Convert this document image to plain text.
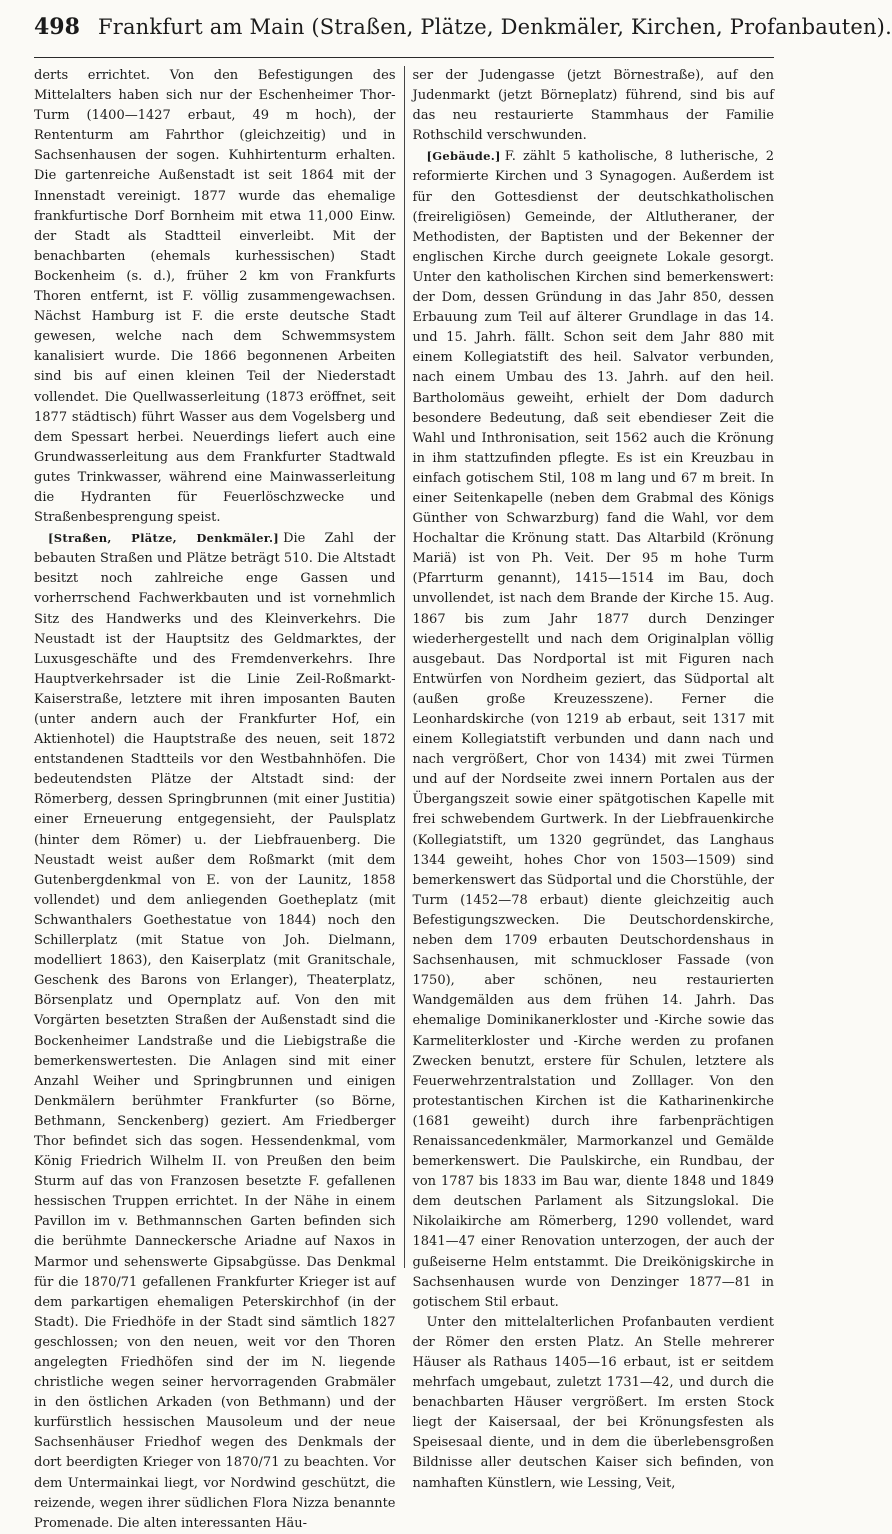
498 Frankfurt am Main (Straßen, Plätze, Denkmäler, Kirchen, Profanbauten).

derts errichtet. Von den Befestigungen des Mittelalters haben sich nur der Eschenheimer Thor-Turm (1400—1427 erbaut, 49 m hoch), der Rententurm am Fahrthor (gleichzeitig) und in Sachsenhausen der sogen. Kuhhirtenturm erhalten. Die gartenreiche Außenstadt ist seit 1864 mit der Innenstadt vereinigt. 1877 wurde das ehemalige frankfurtische Dorf Bornheim mit etwa 11,000 Einw. der Stadt als Stadtteil einverleibt. Mit der benachbarten (ehemals kurhessischen) Stadt Bockenheim (s. d.), früher 2 km von Frankfurts Thoren entfernt, ist F. völlig zusammengewachsen. Nächst Hamburg ist F. die erste deutsche Stadt gewesen, welche nach dem Schwemmsystem kanalisiert wurde. Die 1866 begonnenen Arbeiten sind bis auf einen kleinen Teil der Niederstadt vollendet. Die Quellwasserleitung (1873 eröffnet, seit 1877 städtisch) führt Wasser aus dem Vogelsberg und dem Spessart herbei. Neuerdings liefert auch eine Grundwasserleitung aus dem Frankfurter Stadtwald gutes Trinkwasser, während eine Mainwasserleitung die Hydranten für Feuerlöschzwecke und Straßenbesprengung speist.

[Straßen, Plätze, Denkmäler.] Die Zahl der bebauten Straßen und Plätze beträgt 510. Die Altstadt besitzt noch zahlreiche enge Gassen und vorherrschend Fachwerkbauten und ist vornehmlich Sitz des Handwerks und des Kleinverkehrs. Die Neustadt ist der Hauptsitz des Geldmarktes, der Luxusgeschäfte und des Fremdenverkehrs. Ihre Hauptverkehrsader ist die Linie Zeil-Roßmarkt-Kaiserstraße, letztere mit ihren imposanten Bauten (unter andern auch der Frankfurter Hof, ein Aktienhotel) die Hauptstraße des neuen, seit 1872 entstandenen Stadtteils vor den Westbahnhöfen. Die bedeutendsten Plätze der Altstadt sind: der Römerberg, dessen Springbrunnen (mit einer Justitia) einer Erneuerung entgegensieht, der Paulsplatz (hinter dem Römer) u. der Liebfrauenberg. Die Neustadt weist außer dem Roßmarkt (mit dem Gutenbergdenkmal von E. von der Launitz, 1858 vollendet) und dem anliegenden Goetheplatz (mit Schwanthalers Goethestatue von 1844) noch den Schillerplatz (mit Statue von Joh. Dielmann, modelliert 1863), den Kaiserplatz (mit Granitschale, Geschenk des Barons von Erlanger), Theaterplatz, Börsenplatz und Opernplatz auf. Von den mit Vorgärten besetzten Straßen der Außenstadt sind die Bockenheimer Landstraße und die Liebigstraße die bemerkenswertesten. Die Anlagen sind mit einer Anzahl Weiher und Springbrunnen und einigen Denkmälern berühmter Frankfurter (so Börne, Bethmann, Senckenberg) geziert. Am Friedberger Thor befindet sich das sogen. Hessendenkmal, vom König Friedrich Wilhelm II. von Preußen den beim Sturm auf das von Franzosen besetzte F. gefallenen hessischen Truppen errichtet. In der Nähe in einem Pavillon im v. Bethmannschen Garten befinden sich die berühmte Danneckersche Ariadne auf Naxos in Marmor und sehenswerte Gipsabgüsse. Das Denkmal für die 1870/71 gefallenen Frankfurter Krieger ist auf dem parkartigen ehemaligen Peterskirchhof (in der Stadt). Die Friedhöfe in der Stadt sind sämtlich 1827 geschlossen; von den neuen, weit vor den Thoren angelegten Friedhöfen sind der im N. liegende christliche wegen seiner hervorragenden Grabmäler in den östlichen Arkaden (von Bethmann) und der kurfürstlich hessischen Mausoleum und der neue Sachsenhäuser Friedhof wegen des Denkmals der dort beerdigten Krieger von 1870/71 zu beachten. Vor dem Untermainkai liegt, vor Nordwind geschützt, die reizende, wegen ihrer südlichen Flora Nizza benannte Promenade. Die alten interessanten Häu-

ser der Judengasse (jetzt Börnestraße), auf den Judenmarkt (jetzt Börneplatz) führend, sind bis auf das neu restaurierte Stammhaus der Familie Rothschild verschwunden.

[Gebäude.] F. zählt 5 katholische, 8 lutherische, 2 reformierte Kirchen und 3 Synagogen. Außerdem ist für den Gottesdienst der deutschkatholischen (freireligiösen) Gemeinde, der Altlutheraner, der Methodisten, der Baptisten und der Bekenner der englischen Kirche durch geeignete Lokale gesorgt. Unter den katholischen Kirchen sind bemerkenswert: der Dom, dessen Gründung in das Jahr 850, dessen Erbauung zum Teil auf älterer Grundlage in das 14. und 15. Jahrh. fällt. Schon seit dem Jahr 880 mit einem Kollegiatstift des heil. Salvator verbunden, nach einem Umbau des 13. Jahrh. auf den heil. Bartholomäus geweiht, erhielt der Dom dadurch besondere Bedeutung, daß seit ebendieser Zeit die Wahl und Inthronisation, seit 1562 auch die Krönung in ihm stattzufinden pflegte. Es ist ein Kreuzbau in einfach gotischem Stil, 108 m lang und 67 m breit. In einer Seitenkapelle (neben dem Grabmal des Königs Günther von Schwarzburg) fand die Wahl, vor dem Hochaltar die Krönung statt. Das Altarbild (Krönung Mariä) ist von Ph. Veit. Der 95 m hohe Turm (Pfarrturm genannt), 1415—1514 im Bau, doch unvollendet, ist nach dem Brande der Kirche 15. Aug. 1867 bis zum Jahr 1877 durch Denzinger wiederhergestellt und nach dem Originalplan völlig ausgebaut. Das Nordportal ist mit Figuren nach Entwürfen von Nordheim geziert, das Südportal alt (außen große Kreuzesszene). Ferner die Leonhardskirche (von 1219 ab erbaut, seit 1317 mit einem Kollegiatstift verbunden und dann nach und nach vergrößert, Chor von 1434) mit zwei Türmen und auf der Nordseite zwei innern Portalen aus der Übergangszeit sowie einer spätgotischen Kapelle mit frei schwebendem Gurtwerk. In der Liebfrauenkirche (Kollegiatstift, um 1320 gegründet, das Langhaus 1344 geweiht, hohes Chor von 1503—1509) sind bemerkenswert das Südportal und die Chorstühle, der Turm (1452—78 erbaut) diente gleichzeitig auch Befestigungszwecken. Die Deutschordenskirche, neben dem 1709 erbauten Deutschordenshaus in Sachsenhausen, mit schmuckloser Fassade (von 1750), aber schönen, neu restaurierten Wandgemälden aus dem frühen 14. Jahrh. Das ehemalige Dominikanerkloster und -Kirche sowie das Karmeliterkloster und -Kirche werden zu profanen Zwecken benutzt, erstere für Schulen, letztere als Feuerwehrzentralstation und Zolllager. Von den protestantischen Kirchen ist die Katharinenkirche (1681 geweiht) durch ihre farbenprächtigen Renaissancedenkmäler, Marmorkanzel und Gemälde bemerkenswert. Die Paulskirche, ein Rundbau, der von 1787 bis 1833 im Bau war, diente 1848 und 1849 dem deutschen Parlament als Sitzungslokal. Die Nikolaikirche am Römerberg, 1290 vollendet, ward 1841—47 einer Renovation unterzogen, der auch der gußeiserne Helm entstammt. Die Dreikönigskirche in Sachsenhausen wurde von Denzinger 1877—81 in gotischem Stil erbaut.

Unter den mittelalterlichen Profanbauten verdient der Römer den ersten Platz. An Stelle mehrerer Häuser als Rathaus 1405—16 erbaut, ist er seitdem mehrfach umgebaut, zuletzt 1731—42, und durch die benachbarten Häuser vergrößert. Im ersten Stock liegt der Kaisersaal, der bei Krönungsfesten als Speisesaal diente, und in dem die überlebensgroßen Bildnisse aller deutschen Kaiser sich befinden, von namhaften Künstlern, wie Lessing, Veit,
